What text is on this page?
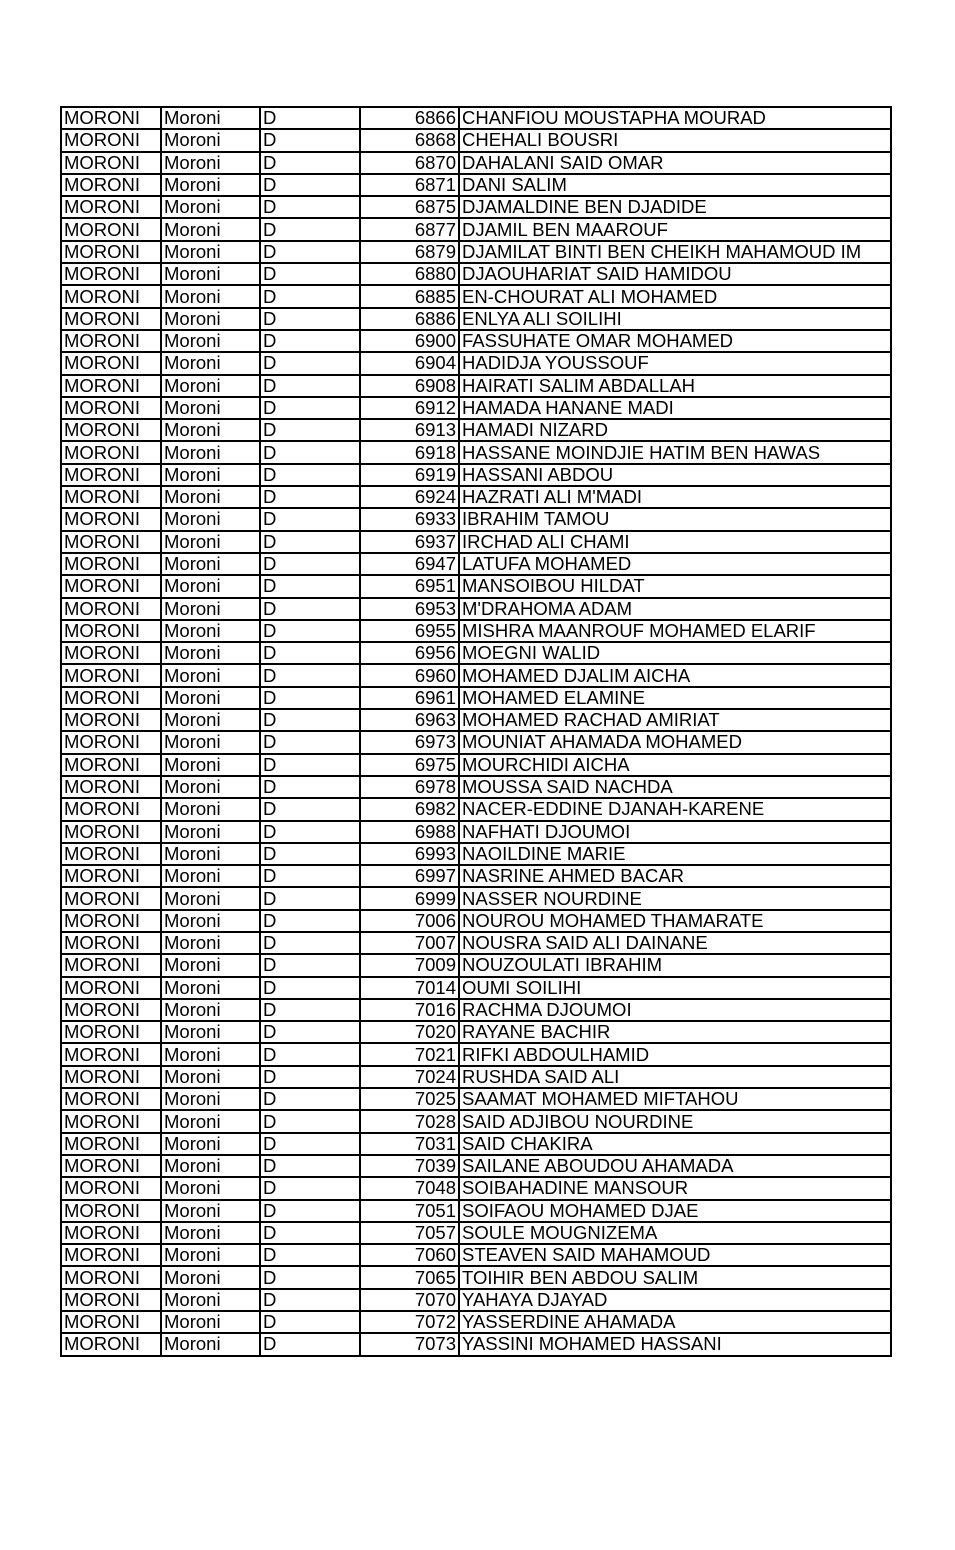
MORONI	Moroni	D	6866	CHANFIOU MOUSTAPHA MOURAD
MORONI	Moroni	D	6868	CHEHALI BOUSRI
MORONI	Moroni	D	6870	DAHALANI SAID OMAR
MORONI	Moroni	D	6871	DANI SALIM
MORONI	Moroni	D	6875	DJAMALDINE BEN DJADIDE
MORONI	Moroni	D	6877	DJAMIL BEN MAAROUF
MORONI	Moroni	D	6879	DJAMILAT BINTI BEN CHEIKH MAHAMOUD IM
MORONI	Moroni	D	6880	DJAOUHARIAT SAID HAMIDOU
MORONI	Moroni	D	6885	EN-CHOURAT ALI MOHAMED
MORONI	Moroni	D	6886	ENLYA ALI SOILIHI
MORONI	Moroni	D	6900	FASSUHATE OMAR MOHAMED
MORONI	Moroni	D	6904	HADIDJA YOUSSOUF
MORONI	Moroni	D	6908	HAIRATI SALIM ABDALLAH
MORONI	Moroni	D	6912	HAMADA HANANE MADI
MORONI	Moroni	D	6913	HAMADI NIZARD
MORONI	Moroni	D	6918	HASSANE MOINDJIE HATIM BEN HAWAS
MORONI	Moroni	D	6919	HASSANI ABDOU
MORONI	Moroni	D	6924	HAZRATI ALI M'MADI
MORONI	Moroni	D	6933	IBRAHIM TAMOU
MORONI	Moroni	D	6937	IRCHAD ALI CHAMI
MORONI	Moroni	D	6947	LATUFA MOHAMED
MORONI	Moroni	D	6951	MANSOIBOU HILDAT
MORONI	Moroni	D	6953	M'DRAHOMA ADAM
MORONI	Moroni	D	6955	MISHRA MAANROUF MOHAMED ELARIF
MORONI	Moroni	D	6956	MOEGNI WALID
MORONI	Moroni	D	6960	MOHAMED DJALIM AICHA
MORONI	Moroni	D	6961	MOHAMED ELAMINE
MORONI	Moroni	D	6963	MOHAMED RACHAD AMIRIAT
MORONI	Moroni	D	6973	MOUNIAT AHAMADA MOHAMED
MORONI	Moroni	D	6975	MOURCHIDI AICHA
MORONI	Moroni	D	6978	MOUSSA SAID NACHDA
MORONI	Moroni	D	6982	NACER-EDDINE DJANAH-KARENE
MORONI	Moroni	D	6988	NAFHATI DJOUMOI
MORONI	Moroni	D	6993	NAOILDINE MARIE
MORONI	Moroni	D	6997	NASRINE AHMED BACAR
MORONI	Moroni	D	6999	NASSER NOURDINE
MORONI	Moroni	D	7006	NOUROU MOHAMED THAMARATE
MORONI	Moroni	D	7007	NOUSRA SAID ALI DAINANE
MORONI	Moroni	D	7009	NOUZOULATI IBRAHIM
MORONI	Moroni	D	7014	OUMI SOILIHI
MORONI	Moroni	D	7016	RACHMA DJOUMOI
MORONI	Moroni	D	7020	RAYANE BACHIR
MORONI	Moroni	D	7021	RIFKI ABDOULHAMID
MORONI	Moroni	D	7024	RUSHDA SAID ALI
MORONI	Moroni	D	7025	SAAMAT MOHAMED MIFTAHOU
MORONI	Moroni	D	7028	SAID ADJIBOU NOURDINE
MORONI	Moroni	D	7031	SAID CHAKIRA
MORONI	Moroni	D	7039	SAILANE ABOUDOU AHAMADA
MORONI	Moroni	D	7048	SOIBAHADINE MANSOUR
MORONI	Moroni	D	7051	SOIFAOU MOHAMED DJAE
MORONI	Moroni	D	7057	SOULE MOUGNIZEMA
MORONI	Moroni	D	7060	STEAVEN SAID MAHAMOUD
MORONI	Moroni	D	7065	TOIHIR BEN ABDOU SALIM
MORONI	Moroni	D	7070	YAHAYA DJAYAD
MORONI	Moroni	D	7072	YASSERDINE AHAMADA
MORONI	Moroni	D	7073	YASSINI MOHAMED HASSANI
